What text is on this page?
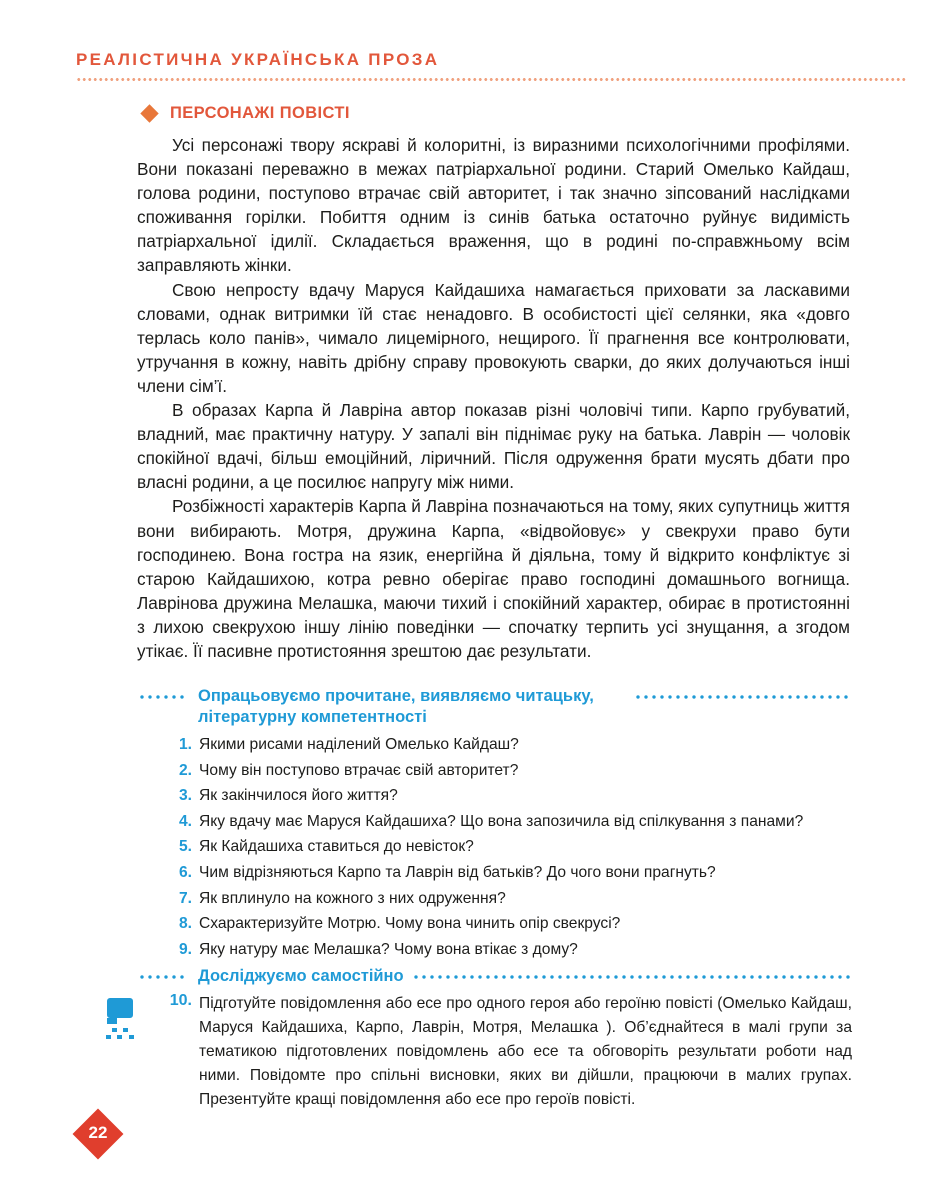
РЕАЛІСТИЧНА УКРАЇНСЬКА ПРОЗА
ПЕРСОНАЖІ ПОВІСТІ

Усі персонажі твору яскраві й колоритні, із виразними психологічними профілями. Вони показані переважно в межах патріархальної родини. Старий Омелько Кайдаш, голова родини, поступово втрачає свій авторитет, і так значно зіпсований наслідками споживання горілки. Побиття одним із синів батька остаточно руйнує видимість патріархальної ідилії. Складається враження, що в родині по-справжньому всім заправляють жінки.

Свою непросту вдачу Маруся Кайдашиха намагається приховати за ласкавими словами, однак витримки їй стає ненадовго. В особистості цієї селянки, яка «довго терлась коло панів», чимало лицемірного, нещирого. Її прагнення все контролювати, утручання в кожну, навіть дрібну справу провокують сварки, до яких долучаються інші члени сім’ї.

В образах Карпа й Лавріна автор показав різні чоловічі типи. Карпо грубуватий, владний, має практичну натуру. У запалі він піднімає руку на батька. Лаврін — чоловік спокійної вдачі, більш емоційний, ліричний. Після одруження брати мусять дбати про власні родини, а це посилює напругу між ними.

Розбіжності характерів Карпа й Лавріна позначаються на тому, яких супутниць життя вони вибирають. Мотря, дружина Карпа, «відвойовує» у свекрухи право бути господинею. Вона гостра на язик, енергійна й діяльна, тому й відкрито конфліктує зі старою Кайдашихою, котра ревно оберігає право господині домашнього вогнища. Лаврінова дружина Мелашка, маючи тихий і спокійний характер, обирає в протистоянні з лихою свекрухою іншу лінію поведінки — спочатку терпить усі знущання, а згодом утікає. Її пасивне протистояння зрештою дає результати.

Опрацьовуємо прочитане, виявляємо читацьку, літературну компетентності
1. Якими рисами наділений Омелько Кайдаш?
2. Чому він поступово втрачає свій авторитет?
3. Як закінчилося його життя?
4. Яку вдачу має Маруся Кайдашиха? Що вона запозичила від спілкування з панами?
5. Як Кайдашиха ставиться до невісток?
6. Чим відрізняються Карпо та Лаврін від батьків? До чого вони прагнуть?
7. Як вплинуло на кожного з них одруження?
8. Схарактеризуйте Мотрю. Чому вона чинить опір свекрусі?
9. Яку натуру має Мелашка? Чому вона втікає з дому?
Досліджуємо самостійно
10. Підготуйте повідомлення або есе про одного героя або героїню повісті (Омелько Кайдаш, Маруся Кайдашиха, Карпо, Лаврін, Мотря, Мелашка ). Об’єднайтеся в малі групи за тематикою підготовлених повідомлень або есе та обговоріть результати роботи над ними. Повідомте про спільні висновки, яких ви дійшли, працюючи в малих групах. Презентуйте кращі повідомлення або есе про героїв повісті.
22
